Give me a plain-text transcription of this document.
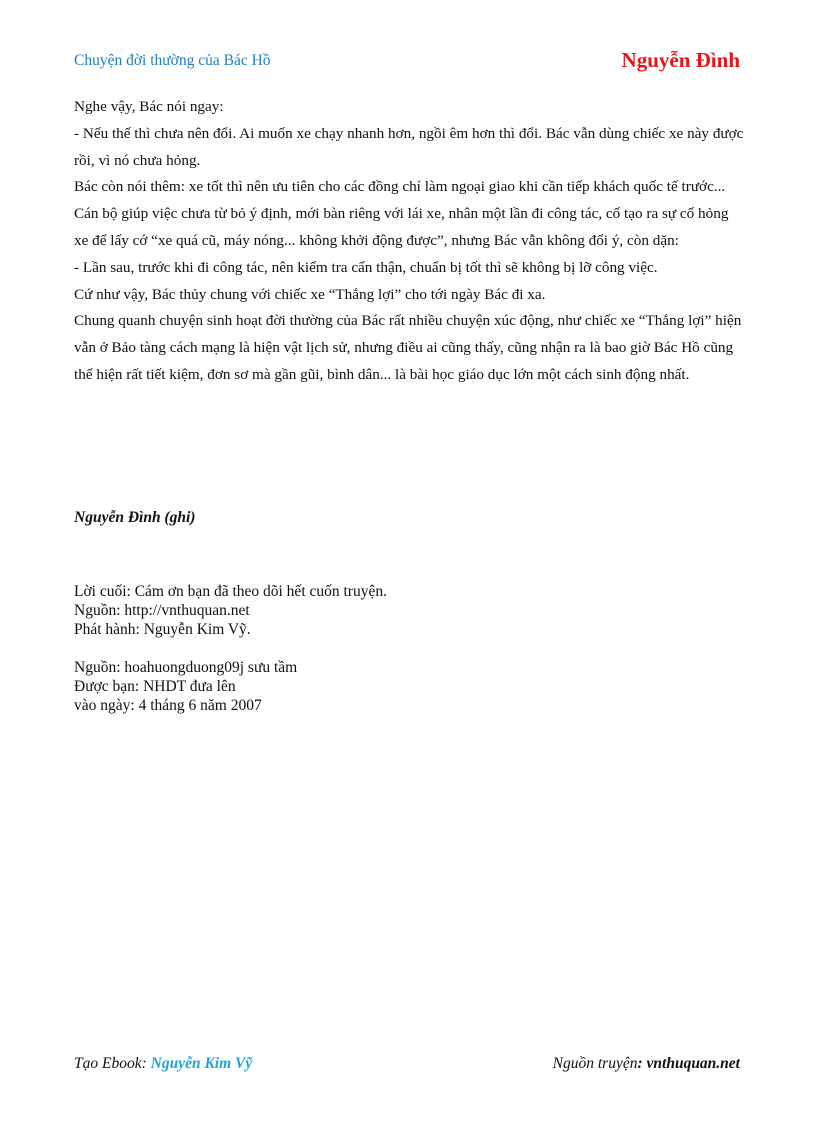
Chuyện đời thường của Bác Hồ	Nguyễn Đình

Nghe vậy, Bác nói ngay:

- Nếu thế thì chưa nên đổi. Ai muốn xe chạy nhanh hơn, ngồi êm hơn thì đổi. Bác vẫn dùng chiếc xe này được rồi, vì nó chưa hỏng.

Bác còn nói thêm: xe tốt thì nên ưu tiên cho các đồng chí làm ngoại giao khi cần tiếp khách quốc tế trước...

Cán bộ giúp việc chưa từ bỏ ý định, mới bàn riêng với lái xe, nhân một lần đi công tác, cố tạo ra sự cố hỏng xe để lấy cớ “xe quá cũ, máy nóng... không khởi động được”, nhưng Bác vẫn không đổi ý, còn dặn:

- Lần sau, trước khi đi công tác, nên kiểm tra cẩn thận, chuẩn bị tốt thì sẽ không bị lỡ công việc.

Cứ như vậy, Bác thủy chung với chiếc xe “Thắng lợi” cho tới ngày Bác đi xa.

Chung quanh chuyện sinh hoạt đời thường của Bác rất nhiều chuyện xúc động, như chiếc xe “Thắng lợi” hiện vẫn ở Bảo tàng cách mạng là hiện vật lịch sử, nhưng điều ai cũng thấy, cũng nhận ra là bao giờ Bác Hồ cũng thể hiện rất tiết kiệm, đơn sơ mà gần gũi, bình dân... là bài học giáo dục lớn một cách sinh động nhất.

Nguyễn Đình (ghi)

Lời cuối: Cám ơn bạn đã theo dõi hết cuốn truyện.

Nguồn: http://vnthuquan.net

Phát hành: Nguyễn Kim Vỹ.

Nguồn: hoahuongduong09j sưu tầm

Được bạn: NHDT đưa lên

vào ngày: 4 tháng 6 năm 2007

Tạo Ebook: Nguyễn Kim Vỹ	Nguồn truyện: vnthuquan.net
